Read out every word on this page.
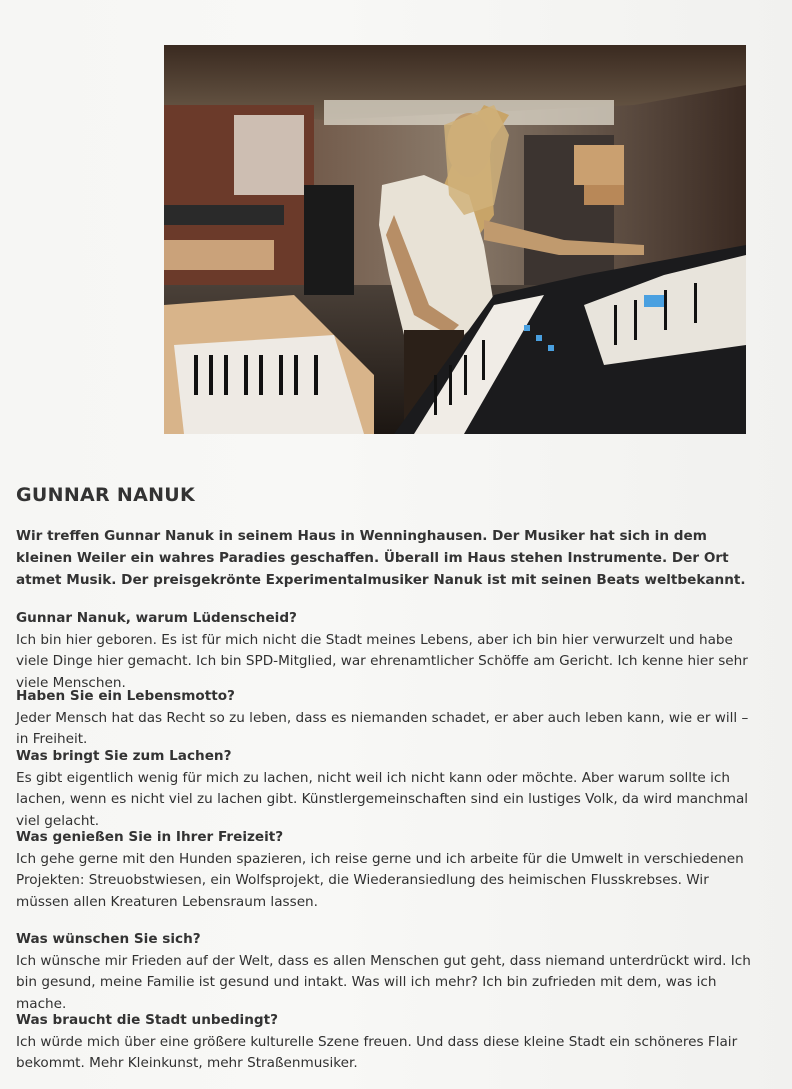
GUNNAR NANUK

Wir treffen Gunnar Nanuk in seinem Haus in Wenninghausen. Der Musiker hat sich in dem kleinen Weiler ein wahres Paradies geschaffen. Überall im Haus stehen Instrumente. Der Ort atmet Musik. Der preisgekrönte Experimentalmusiker Nanuk ist mit seinen Beats weltbekannt.

Gunnar Nanuk, warum Lüdenscheid?

Ich bin hier geboren. Es ist für mich nicht die Stadt meines Lebens, aber ich bin hier verwurzelt und habe viele Dinge hier gemacht. Ich bin SPD-Mitglied, war ehrenamtlicher Schöffe am Gericht. Ich kenne hier sehr viele Menschen.

Haben Sie ein Lebensmotto?

Jeder Mensch hat das Recht so zu leben, dass es niemanden schadet, er aber auch leben kann, wie er will – in Freiheit.

Was bringt Sie zum Lachen?

Es gibt eigentlich wenig für mich zu lachen, nicht weil ich nicht kann oder möchte. Aber warum sollte ich lachen, wenn es nicht viel zu lachen gibt. Künstlergemeinschaften sind ein lustiges Volk, da wird manchmal viel gelacht.

Was genießen Sie in Ihrer Freizeit?

Ich gehe gerne mit den Hunden spazieren, ich reise gerne und ich arbeite für die Umwelt in verschiedenen Projekten: Streuobstwiesen, ein Wolfsprojekt, die Wiederansiedlung des heimischen Flusskrebses. Wir müssen allen Kreaturen Lebensraum lassen.

Was wünschen Sie sich?

Ich wünsche mir Frieden auf der Welt, dass es allen Menschen gut geht, dass niemand unterdrückt wird. Ich bin gesund, meine Familie ist gesund und intakt. Was will ich mehr? Ich bin zufrieden mit dem, was ich mache.

Was braucht die Stadt unbedingt?

Ich würde mich über eine größere kulturelle Szene freuen. Und dass diese kleine Stadt ein schöneres Flair bekommt. Mehr Kleinkunst, mehr Straßenmusiker.
